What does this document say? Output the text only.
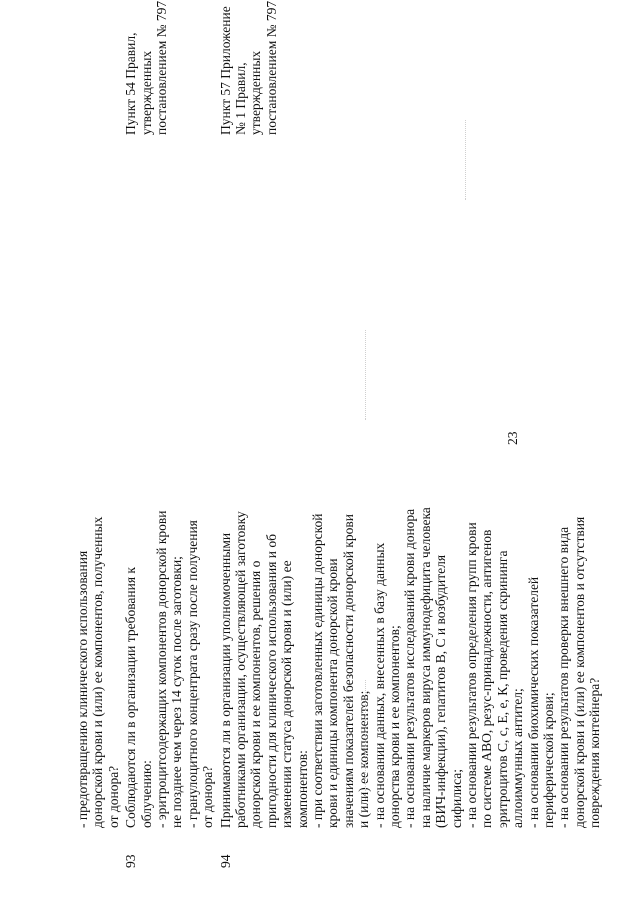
23
- предотвращению клинического использования донорской крови и (или) ее компонентов, полученных от донора?
93
Соблюдаются ли в организации требования к облучению: - эритроцитсодержащих компонентов донорской крови не позднее чем через 14 суток после заготовки; - гранулоцитного концентрата сразу после получения от донора?
Пункт 54 Правил, утвержденных постановлением № 797
94
Принимаются ли в организации уполномоченными работниками организации, осуществляющей заготовку донорской крови и ее компонентов, решения о пригодности для клинического использования и об изменении статуса донорской крови и (или) ее компонентов: - при соответствии заготовленных единицы донорской крови и единицы компонента донорской крови значениям показателей безопасности донорской крови и (или) ее компонентов; - на основании данных, внесенных в базу данных донорства крови и ее компонентов; - на основании результатов исследований крови донора на наличие маркеров вируса иммунодефицита человека (ВИЧ-инфекции), гепатитов В, С и возбудителя сифилиса; - на основании результатов определения групп крови по системе АВО, резус-принадлежности, антигенов эритроцитов С, с, Е, е, К, проведения скрининга аллоиммунных антител; - на основании биохимических показателей периферической крови; - на основании результатов проверки внешнего вида донорской крови и (или) ее компонентов и отсутствия повреждения контейнера?
Пункт 57 Приложение № 1 Правил, утвержденных постановлением № 797
